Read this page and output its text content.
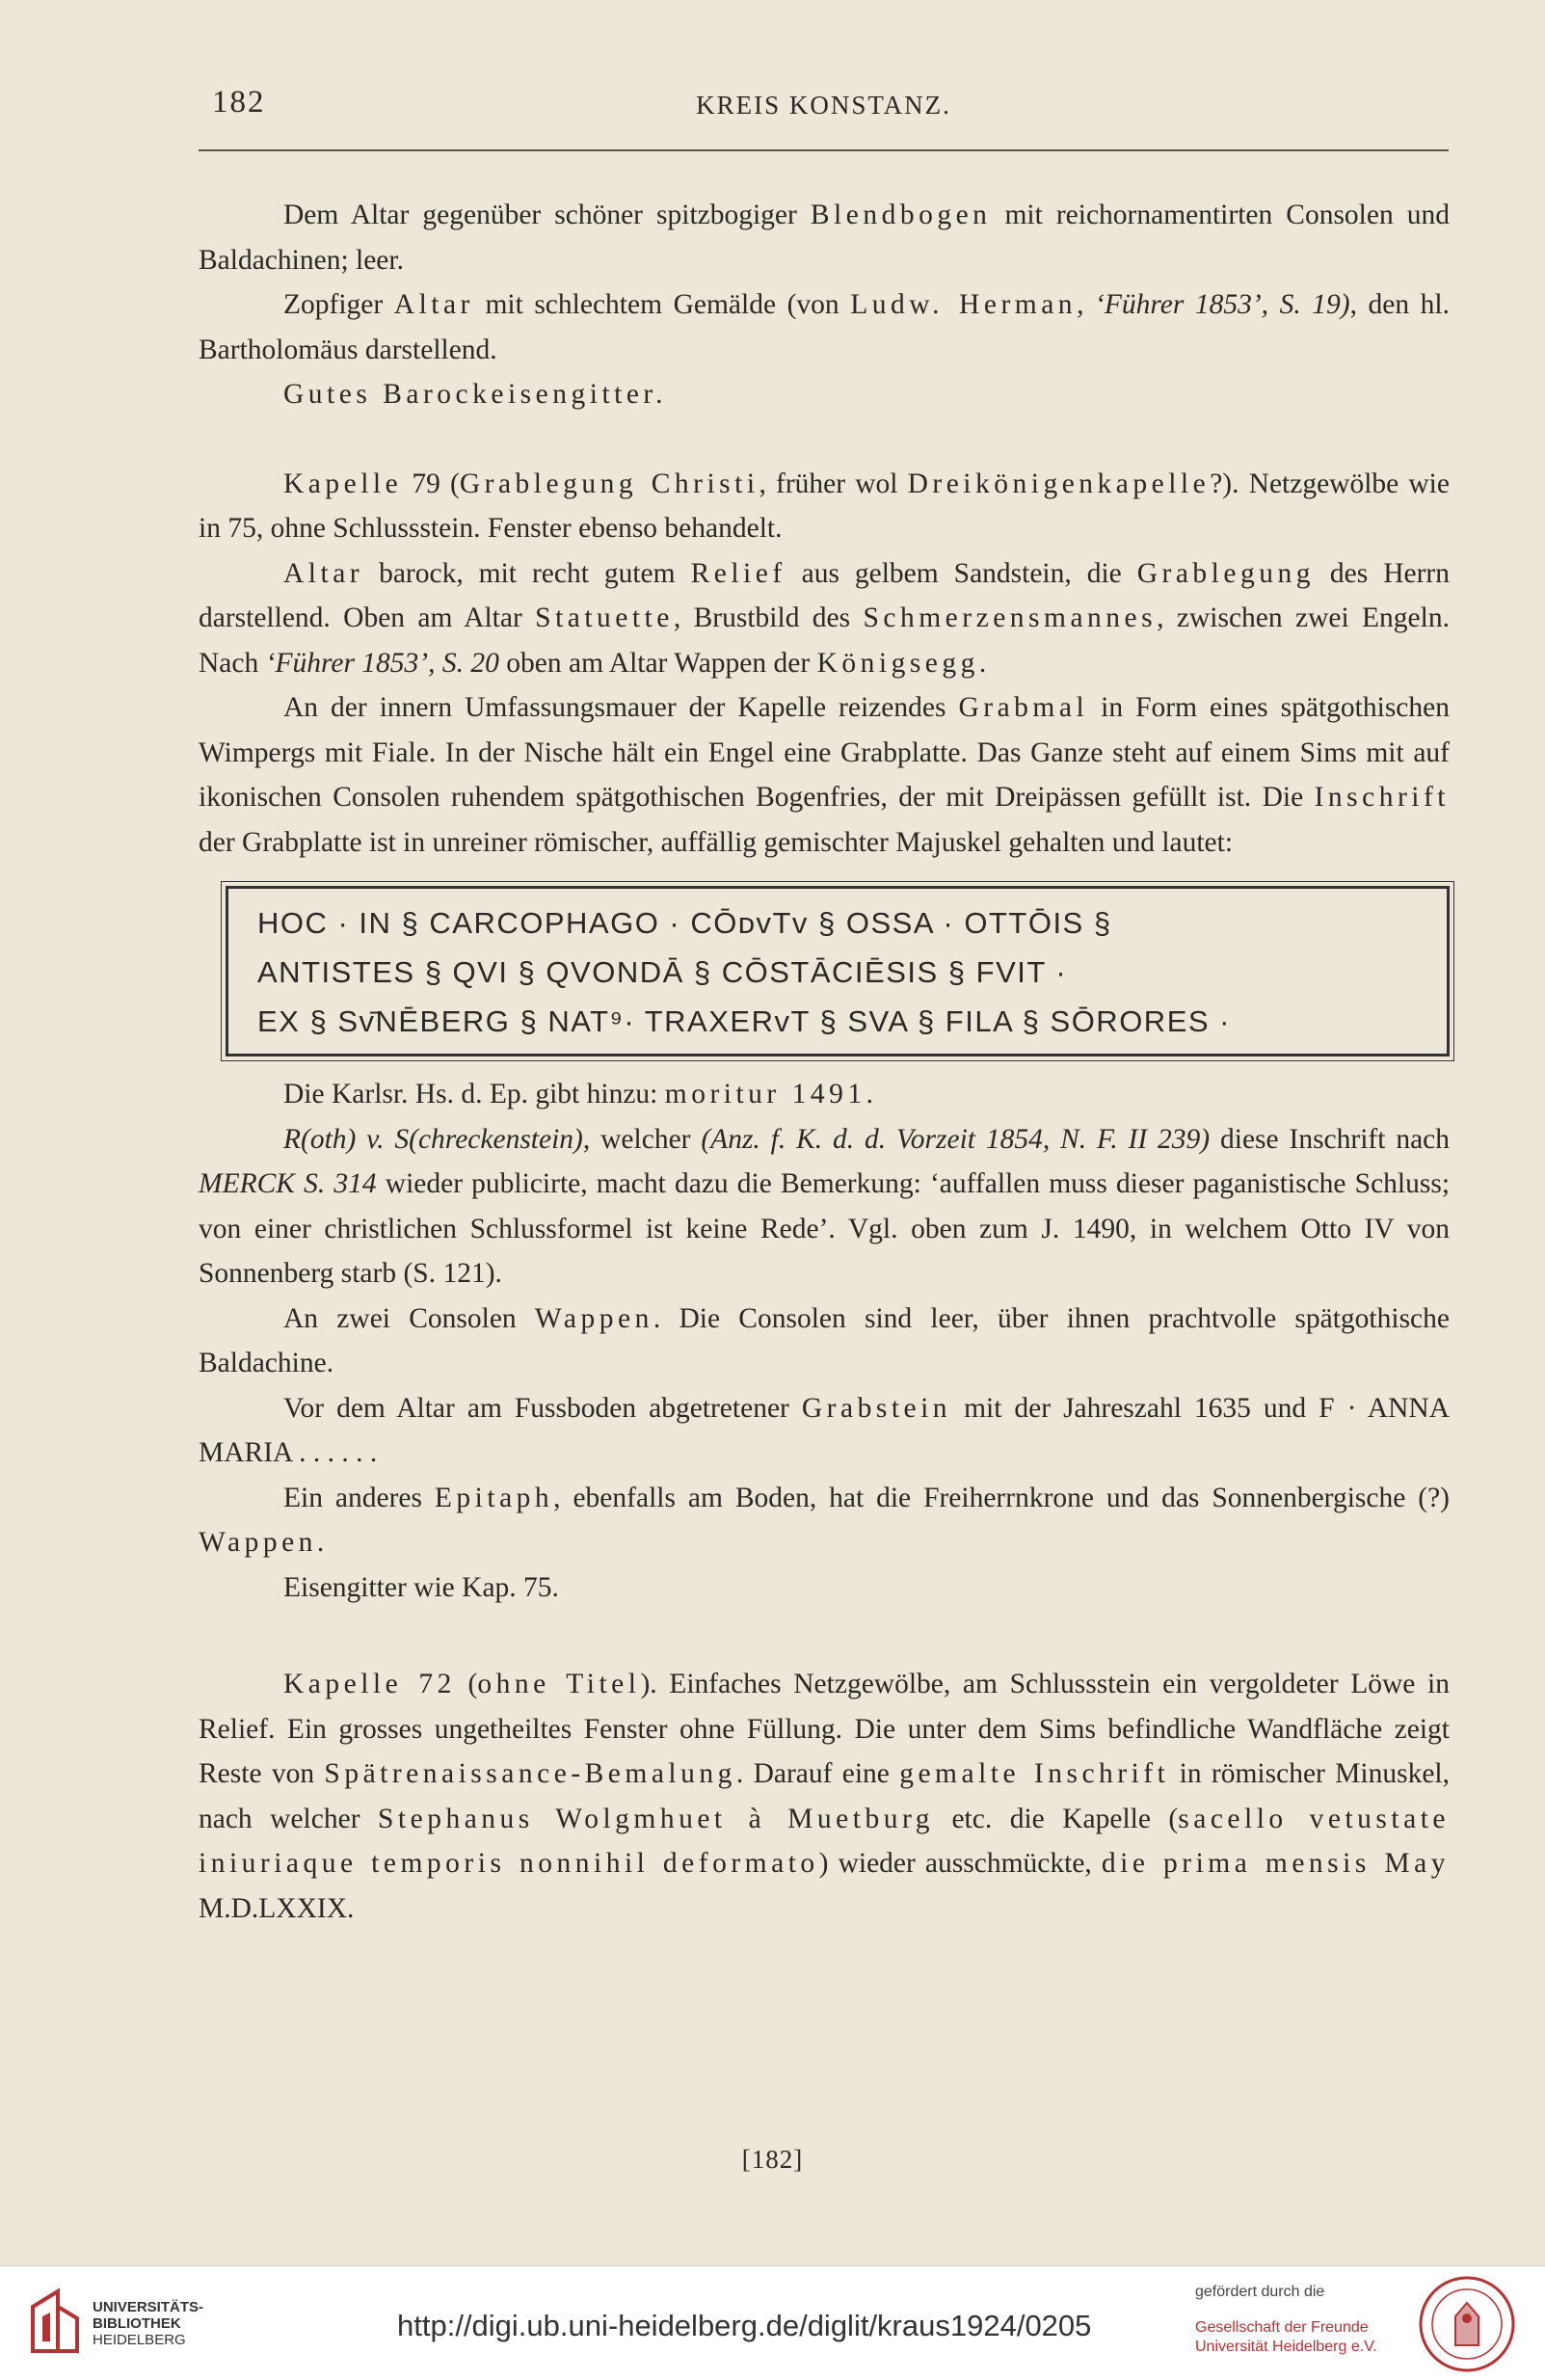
182	KREIS KONSTANZ.

Dem Altar gegenüber schöner spitzbogiger Blendbogen mit reichornamentirten Consolen und Baldachinen; leer.

Zopfiger Altar mit schlechtem Gemälde (von Ludw. Herman, ‘Führer 1853’, S. 19), den hl. Bartholomäus darstellend.

Gutes Barockeisengitter.

Kapelle 79 (Grablegung Christi, früher wol Dreikönigenkapelle?). Netzgewölbe wie in 75, ohne Schlussstein. Fenster ebenso behandelt.

Altar barock, mit recht gutem Relief aus gelbem Sandstein, die Grablegung des Herrn darstellend. Oben am Altar Statuette, Brustbild des Schmerzensmannes, zwischen zwei Engeln. Nach ‘Führer 1853’, S. 20 oben am Altar Wappen der Königsegg.

An der innern Umfassungsmauer der Kapelle reizendes Grabmal in Form eines spätgothischen Wimpergs mit Fiale. In der Nische hält ein Engel eine Grabplatte. Das Ganze steht auf einem Sims mit auf ikonischen Consolen ruhendem spätgothischen Bogenfries, der mit Dreipässen gefüllt ist. Die Inschrift der Grabplatte ist in unreiner römischer, auffällig gemischter Majuskel gehalten und lautet:

HOC · IN § CARCOPHAGO · CŌᴅᴠTᴠ § OSSA · OTTŌIS §
ANTISTES § QVI § QVONDĀ § CŌSTĀCIĒSIS § FVIT ·
EX § Sᴠ̄NĒBERG § NAT⁹· TRAXERᴠT § SVA § FILA § SŌRORES ·

Die Karlsr. Hs. d. Ep. gibt hinzu: moritur 1491.

R(oth) v. S(chreckenstein), welcher (Anz. f. K. d. d. Vorzeit 1854, N. F. II 239) diese Inschrift nach MERCK S. 314 wieder publicirte, macht dazu die Bemerkung: ‘auffallen muss dieser paganistische Schluss; von einer christlichen Schlussformel ist keine Rede’. Vgl. oben zum J. 1490, in welchem Otto IV von Sonnenberg starb (S. 121).

An zwei Consolen Wappen. Die Consolen sind leer, über ihnen prachtvolle spätgothische Baldachine.

Vor dem Altar am Fussboden abgetretener Grabstein mit der Jahreszahl 1635 und F · ANNA MARIA . . . . . .

Ein anderes Epitaph, ebenfalls am Boden, hat die Freiherrnkrone und das Sonnenbergische (?) Wappen.

Eisengitter wie Kap. 75.

Kapelle 72 (ohne Titel). Einfaches Netzgewölbe, am Schlussstein ein vergoldeter Löwe in Relief. Ein grosses ungetheiltes Fenster ohne Füllung. Die unter dem Sims befindliche Wandfläche zeigt Reste von Spätrenaissance-Bemalung. Darauf eine gemalte Inschrift in römischer Minuskel, nach welcher Stephanus Wolgmhuet à Muetburg etc. die Kapelle (sacello vetustate iniuriaque temporis nonnihil deformato) wieder ausschmückte, die prima mensis May M.D.LXXIX.

[182]
UNIVERSITÄTS-
BIBLIOTHEK
HEIDELBERG	http://digi.ub.uni-heidelberg.de/diglit/kraus1924/0205
gefördert durch die
Gesellschaft der Freunde
Universität Heidelberg e.V.
